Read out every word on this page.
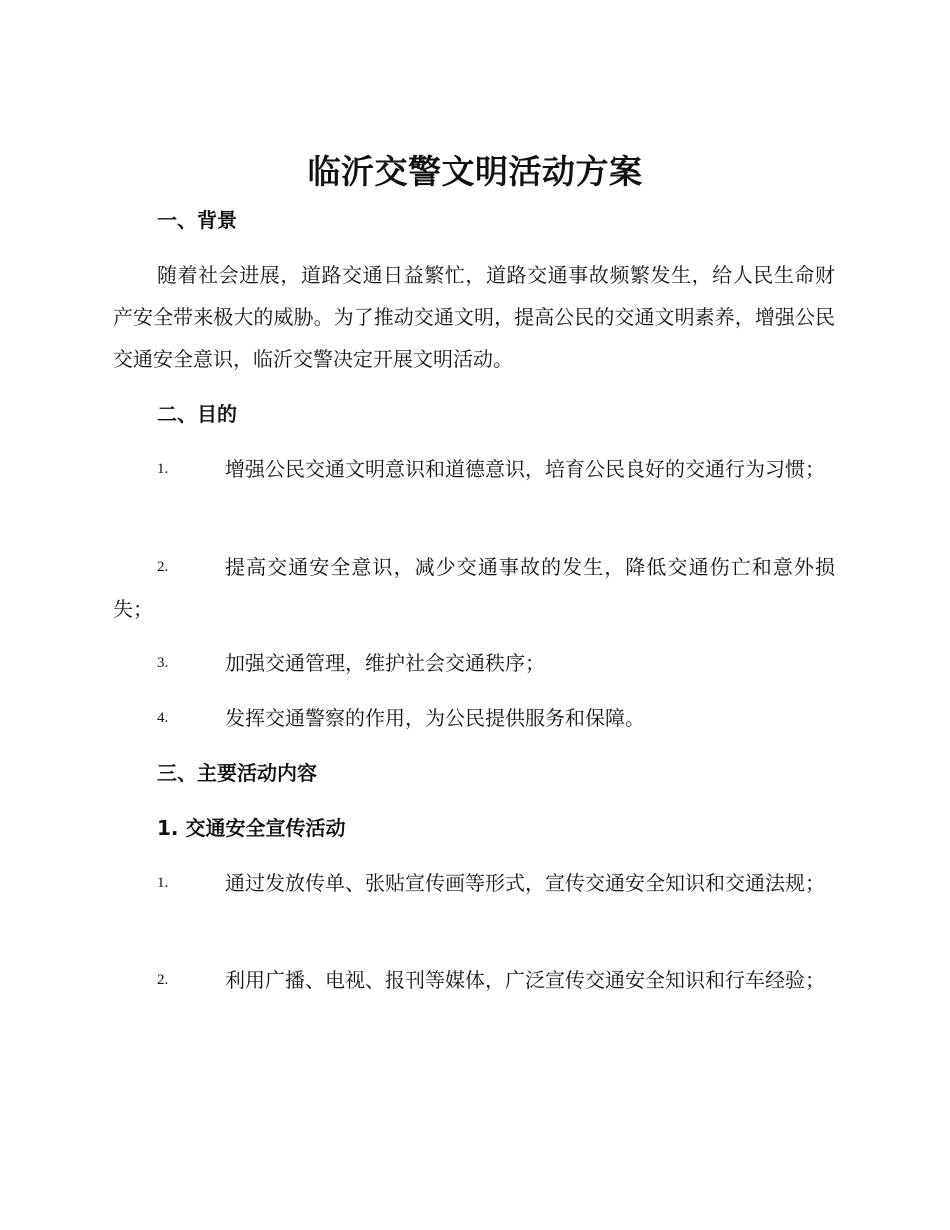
临沂交警文明活动方案
一、背景

随着社会进展，道路交通日益繁忙，道路交通事故频繁发生，给人民生命财产安全带来极大的威胁。为了推动交通文明，提高公民的交通文明素养，增强公民交通安全意识，临沂交警决定开展文明活动。

二、目的
1.	增强公民交通文明意识和道德意识，培育公民良好的交通行为习惯；
2.	提高交通安全意识，减少交通事故的发生，降低交通伤亡和意外损失；
3.	加强交通管理，维护社会交通秩序；
4.	发挥交通警察的作用，为公民提供服务和保障。
三、主要活动内容
1. 交通安全宣传活动
1.	通过发放传单、张贴宣传画等形式，宣传交通安全知识和交通法规；
2.	利用广播、电视、报刊等媒体，广泛宣传交通安全知识和行车经验；
